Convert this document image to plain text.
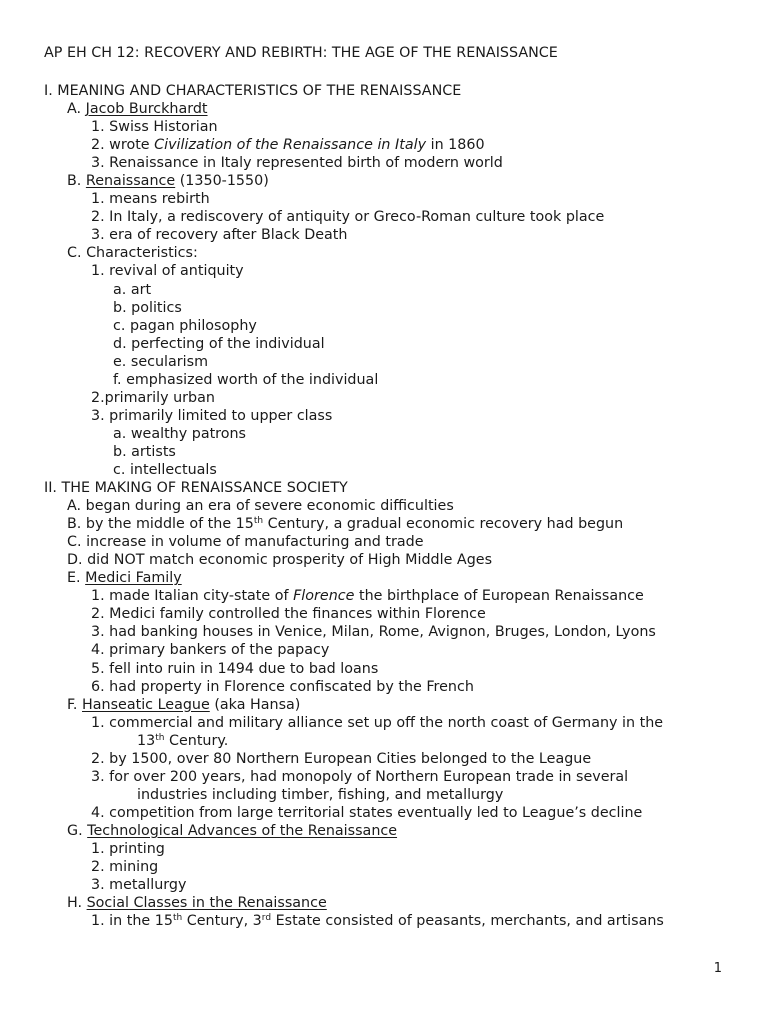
AP EH CH 12: RECOVERY AND REBIRTH: THE AGE OF THE RENAISSANCE
I. MEANING AND CHARACTERISTICS OF THE RENAISSANCE
A. Jacob Burckhardt
1. Swiss Historian
2. wrote Civilization of the Renaissance in Italy in 1860
3. Renaissance in Italy represented birth of modern world
B. Renaissance (1350-1550)
1. means rebirth
2. In Italy, a rediscovery of antiquity or Greco-Roman culture took place
3. era of recovery after Black Death
C. Characteristics:
1. revival of antiquity
a. art
b. politics
c. pagan philosophy
d. perfecting of the individual
e. secularism
f. emphasized worth of the individual
2.primarily urban
3. primarily limited to upper class
a. wealthy patrons
b. artists
c. intellectuals
II. THE MAKING OF RENAISSANCE SOCIETY
A. began during an era of severe economic difficulties
B. by the middle of the 15th Century, a gradual economic recovery had begun
C. increase in volume of manufacturing and trade
D. did NOT match economic prosperity of High Middle Ages
E. Medici Family
1. made Italian city-state of Florence the birthplace of European Renaissance
2. Medici family controlled the finances within Florence
3. had banking houses in Venice, Milan, Rome, Avignon, Bruges, London, Lyons
4. primary bankers of the papacy
5. fell into ruin in 1494 due to bad loans
6. had property in Florence confiscated by the French
F. Hanseatic League (aka Hansa)
1. commercial and military alliance set up off the north coast of Germany in the
13th Century.
2. by 1500, over 80 Northern European Cities belonged to the League
3. for over 200 years, had monopoly of Northern European trade in several
industries including timber, fishing, and metallurgy
4. competition from large territorial states eventually led to League’s decline
G. Technological Advances of the Renaissance
1. printing
2. mining
3. metallurgy
H. Social Classes in the Renaissance
1. in the 15th Century, 3rd Estate consisted of peasants, merchants, and artisans
1
